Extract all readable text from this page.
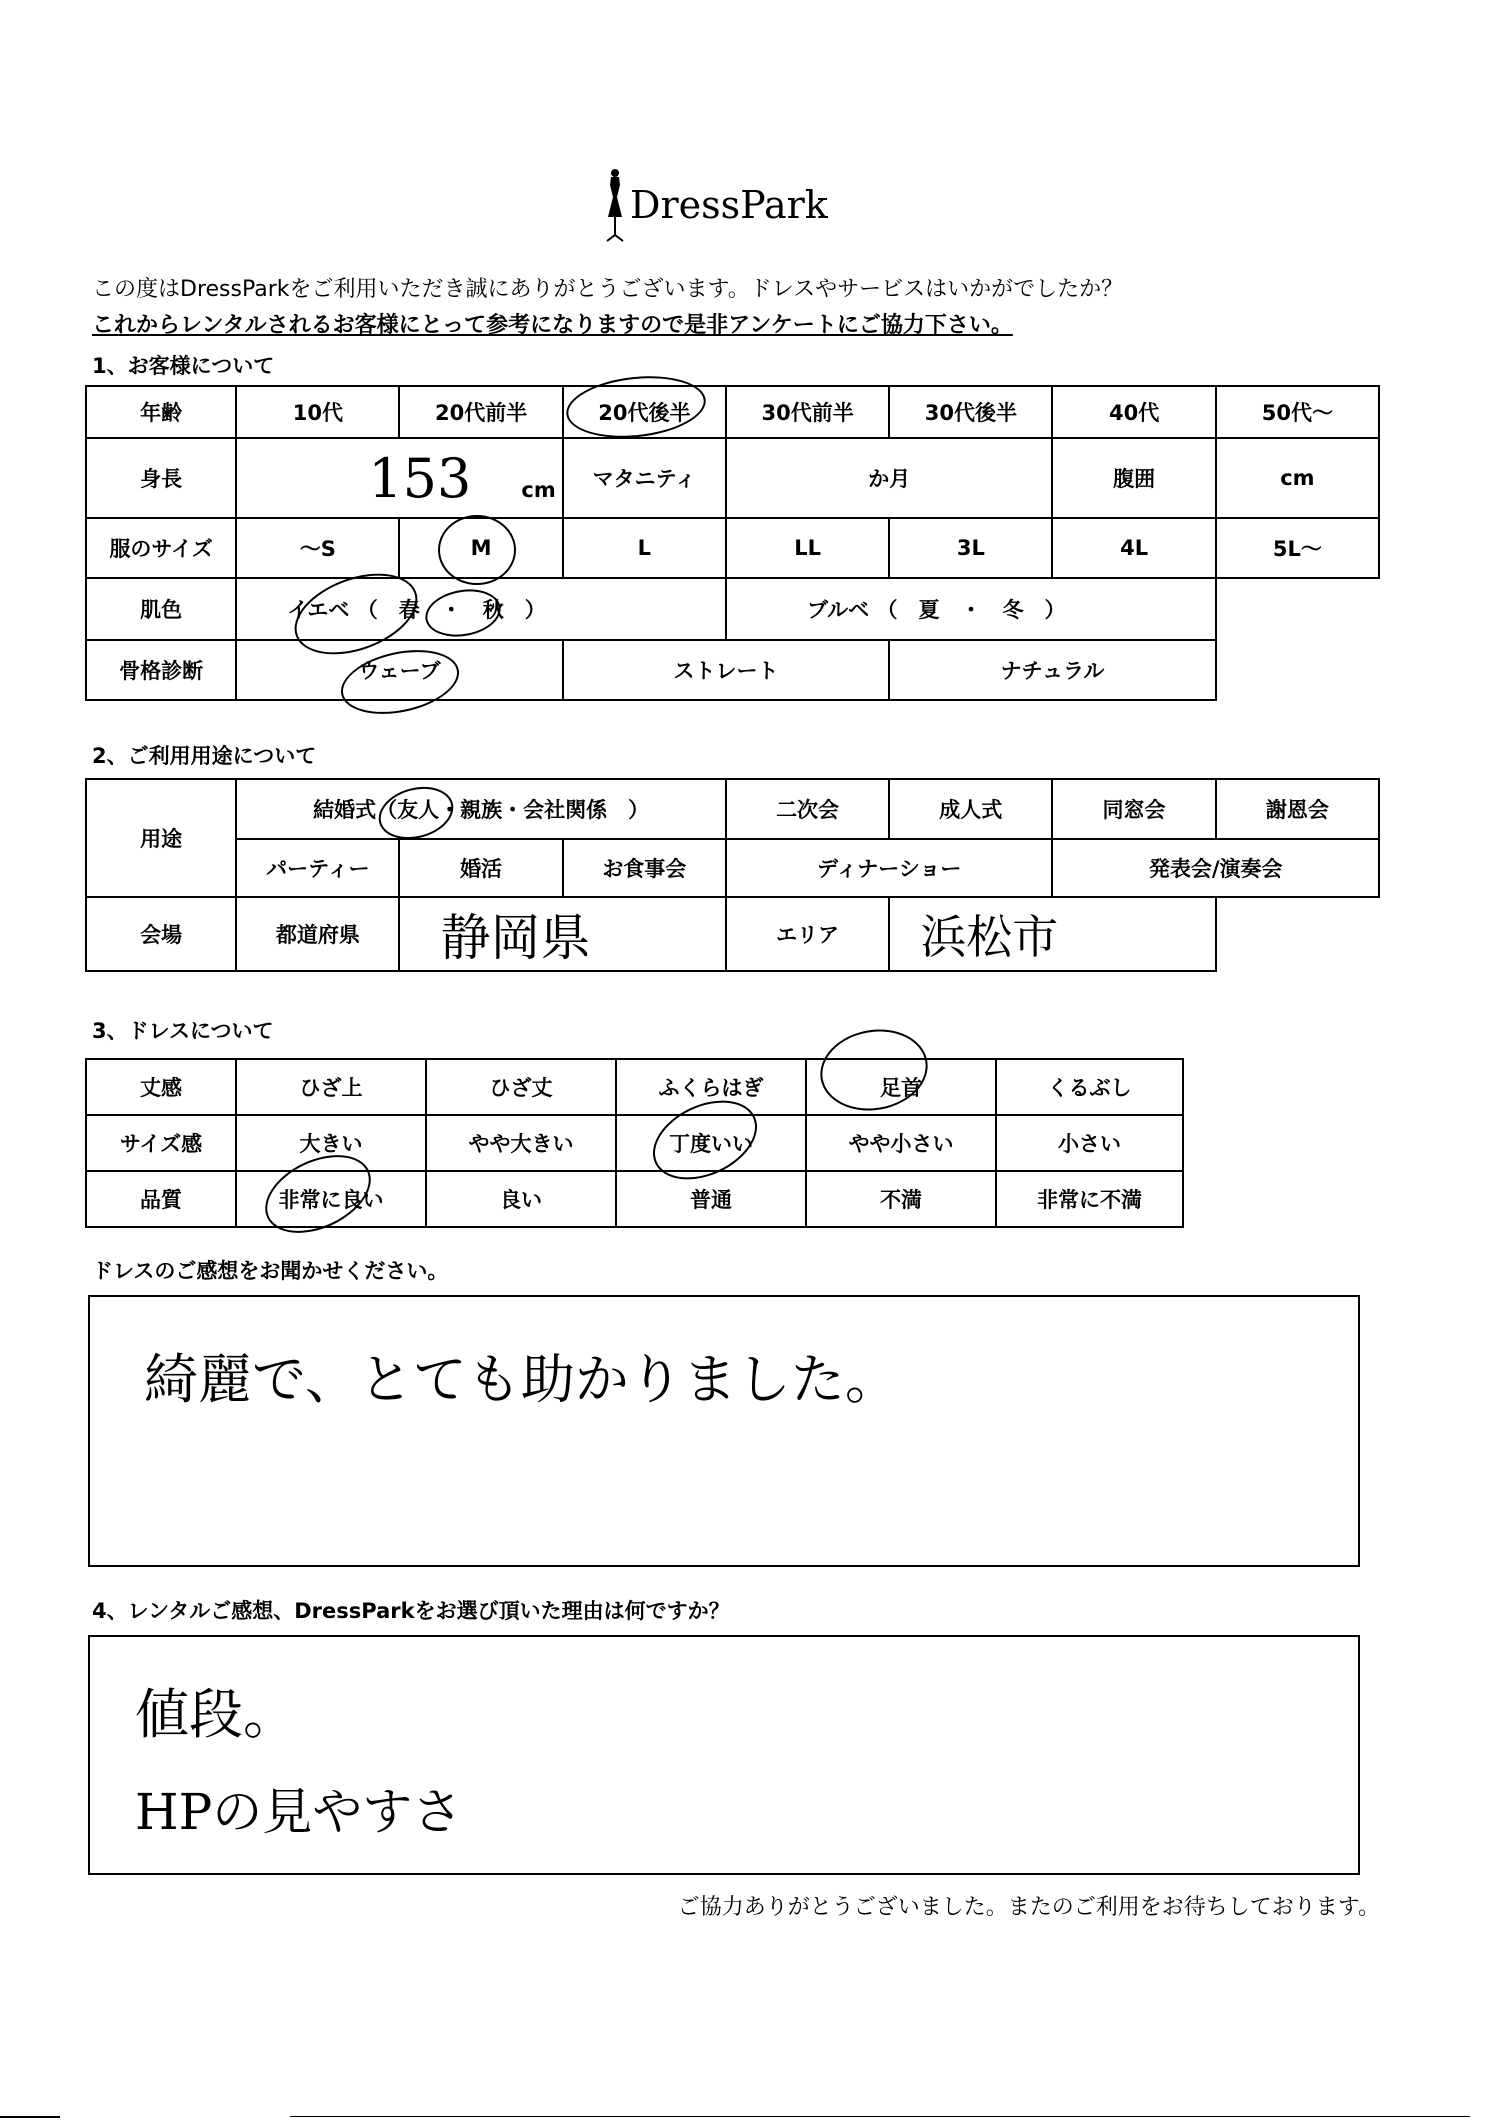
DressPark
この度はDressParkをご利用いただき誠にありがとうございます。ドレスやサービスはいかがでしたか？
これからレンタルされるお客様にとって参考になりますので是非アンケートにご協力下さい。
1、お客様について
年齢	10代	20代前半	20代後半	30代前半	30代後半	40代	50代～
身長	153 cm		マタニティ	か月		腹囲	cm
服のサイズ	～S	M	L	LL	3L	4L	5L～
肌色	イエベ （　春　・　秋　）			ブルベ （　夏　・　冬　）			
骨格診断	ウェーブ		ストレート		ナチュラル		
2、ご利用用途について
用途	結婚式（友人・親族・会社関係　）			二次会	成人式	同窓会	謝恩会
	パーティー	婚活	お食事会	ディナーショー		発表会/演奏会	
会場	都道府県	静岡県		エリア	浜松市		
3、ドレスについて
丈感	ひざ上	ひざ丈	ふくらはぎ	足首	くるぶし
サイズ感	大きい	やや大きい	丁度いい	やや小さい	小さい
品質	非常に良い	良い	普通	不満	非常に不満
ドレスのご感想をお聞かせください。
綺麗で、とても助かりました。
4、レンタルご感想、DressParkをお選び頂いた理由は何ですか？
値段。
HPの見やすさ
ご協力ありがとうございました。またのご利用をお待ちしております。
